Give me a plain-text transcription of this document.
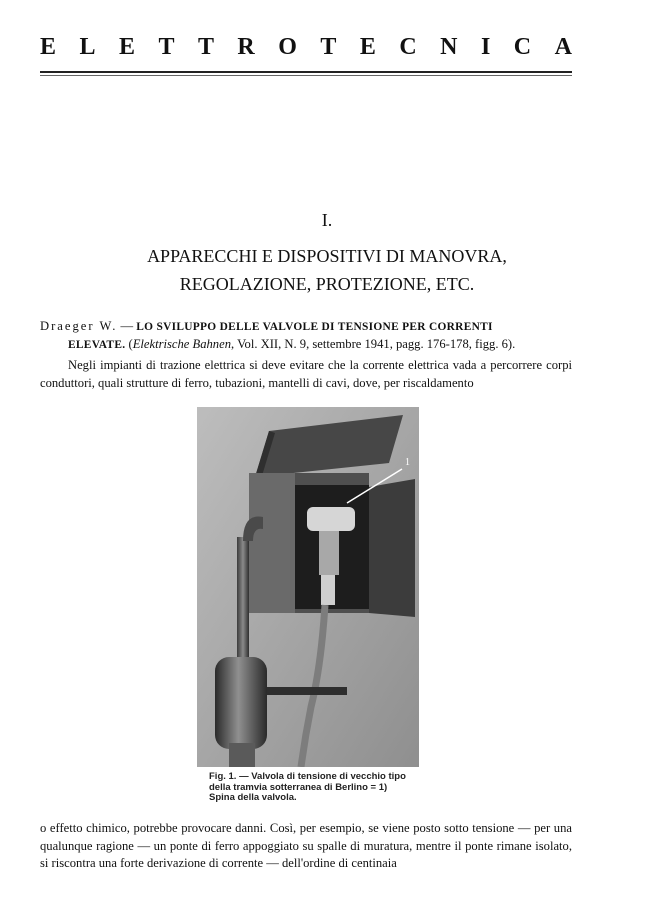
E L E T T R O T E C N I C A
I.
APPARECCHI E DISPOSITIVI DI MANOVRA,
REGOLAZIONE, PROTEZIONE, ETC.
Draeger W. — LO SVILUPPO DELLE VALVOLE DI TENSIONE PER CORRENTI
ELEVATE. (Elektrische Bahnen, Vol. XII, N. 9, settembre 1941, pagg. 176-178, figg. 6).
Negli impianti di trazione elettrica si deve evitare che la corrente elettrica vada a percorrere corpi conduttori, quali strutture di ferro, tubazioni, mantelli di cavi, dove, per riscaldamento
1
Fig. 1. — Valvola di tensione di vecchio tipo della tramvia sotterranea di Berlino = 1) Spina della valvola.
o effetto chimico, potrebbe provocare danni. Così, per esempio, se viene posto sotto tensione — per una qualunque ragione — un ponte di ferro appoggiato su spalle di muratura, mentre il ponte rimane isolato, si riscontra una forte derivazione di corrente — dell'ordine di centinaia
